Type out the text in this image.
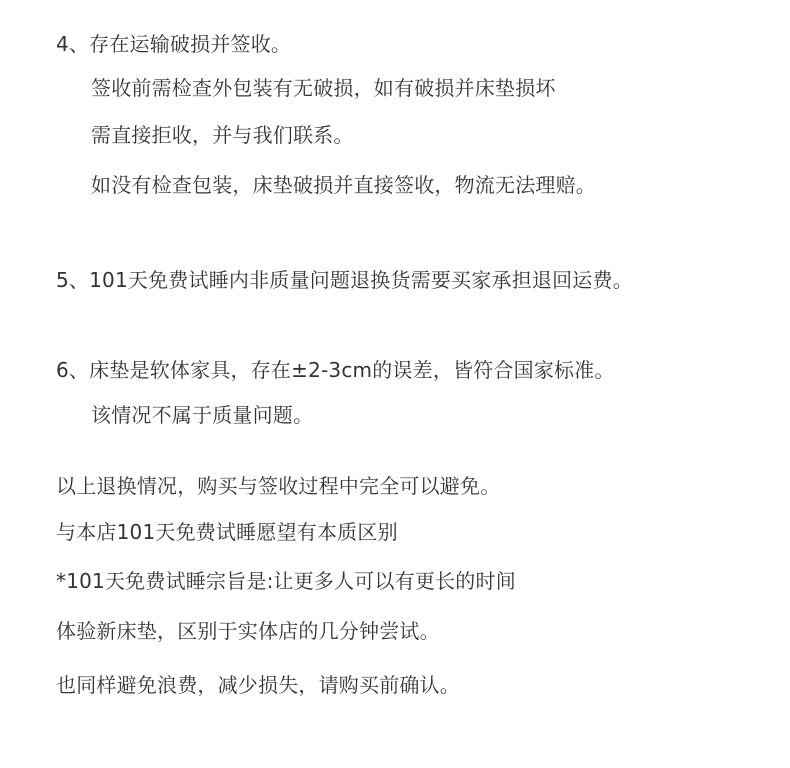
4、存在运输破损并签收。
签收前需检查外包装有无破损，如有破损并床垫损坏
需直接拒收，并与我们联系。
如没有检查包装，床垫破损并直接签收，物流无法理赔。
5、101天免费试睡内非质量问题退换货需要买家承担退回运费。
6、床垫是软体家具，存在±2-3cm的误差，皆符合国家标准。
该情况不属于质量问题。
以上退换情况，购买与签收过程中完全可以避免。
与本店101天免费试睡愿望有本质区别
*101天免费试睡宗旨是:让更多人可以有更长的时间
体验新床垫，区别于实体店的几分钟尝试。
也同样避免浪费，减少损失，请购买前确认。
